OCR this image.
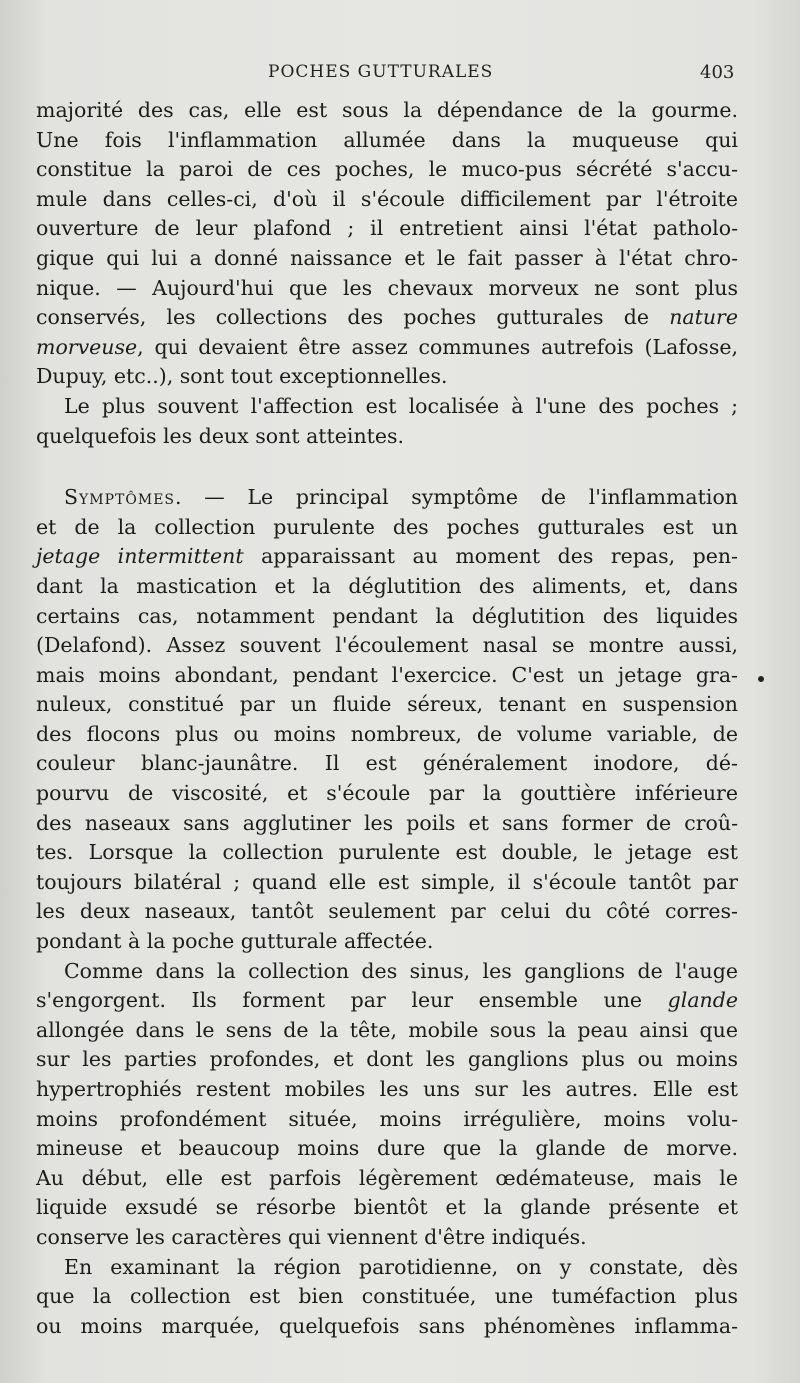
POCHES GUTTURALES	403
majorité des cas, elle est sous la dépendance de la gourme.
Une fois l'inflammation allumée dans la muqueuse qui
constitue la paroi de ces poches, le muco-pus sécrété s'accu-
mule dans celles-ci, d'où il s'écoule difficilement par l'étroite
ouverture de leur plafond ; il entretient ainsi l'état patholo-
gique qui lui a donné naissance et le fait passer à l'état chro-
nique. — Aujourd'hui que les chevaux morveux ne sont plus
conservés, les collections des poches gutturales de nature
morveuse, qui devaient être assez communes autrefois (Lafosse,
Dupuy, etc..), sont tout exceptionnelles.
Le plus souvent l'affection est localisée à l'une des poches ;
quelquefois les deux sont atteintes.
Symptômes. — Le principal symptôme de l'inflammation
et de la collection purulente des poches gutturales est un
jetage intermittent apparaissant au moment des repas, pen-
dant la mastication et la déglutition des aliments, et, dans
certains cas, notamment pendant la déglutition des liquides
(Delafond). Assez souvent l'écoulement nasal se montre aussi,
mais moins abondant, pendant l'exercice. C'est un jetage gra-
nuleux, constitué par un fluide séreux, tenant en suspension
des flocons plus ou moins nombreux, de volume variable, de
couleur blanc-jaunâtre. Il est généralement inodore, dé-
pourvu de viscosité, et s'écoule par la gouttière inférieure
des naseaux sans agglutiner les poils et sans former de croû-
tes. Lorsque la collection purulente est double, le jetage est
toujours bilatéral ; quand elle est simple, il s'écoule tantôt par
les deux naseaux, tantôt seulement par celui du côté corres-
pondant à la poche gutturale affectée.
Comme dans la collection des sinus, les ganglions de l'auge
s'engorgent. Ils forment par leur ensemble une glande
allongée dans le sens de la tête, mobile sous la peau ainsi que
sur les parties profondes, et dont les ganglions plus ou moins
hypertrophiés restent mobiles les uns sur les autres. Elle est
moins profondément située, moins irrégulière, moins volu-
mineuse et beaucoup moins dure que la glande de morve.
Au début, elle est parfois légèrement œdémateuse, mais le
liquide exsudé se résorbe bientôt et la glande présente et
conserve les caractères qui viennent d'être indiqués.
En examinant la région parotidienne, on y constate, dès
que la collection est bien constituée, une tuméfaction plus
ou moins marquée, quelquefois sans phénomènes inflamma-
